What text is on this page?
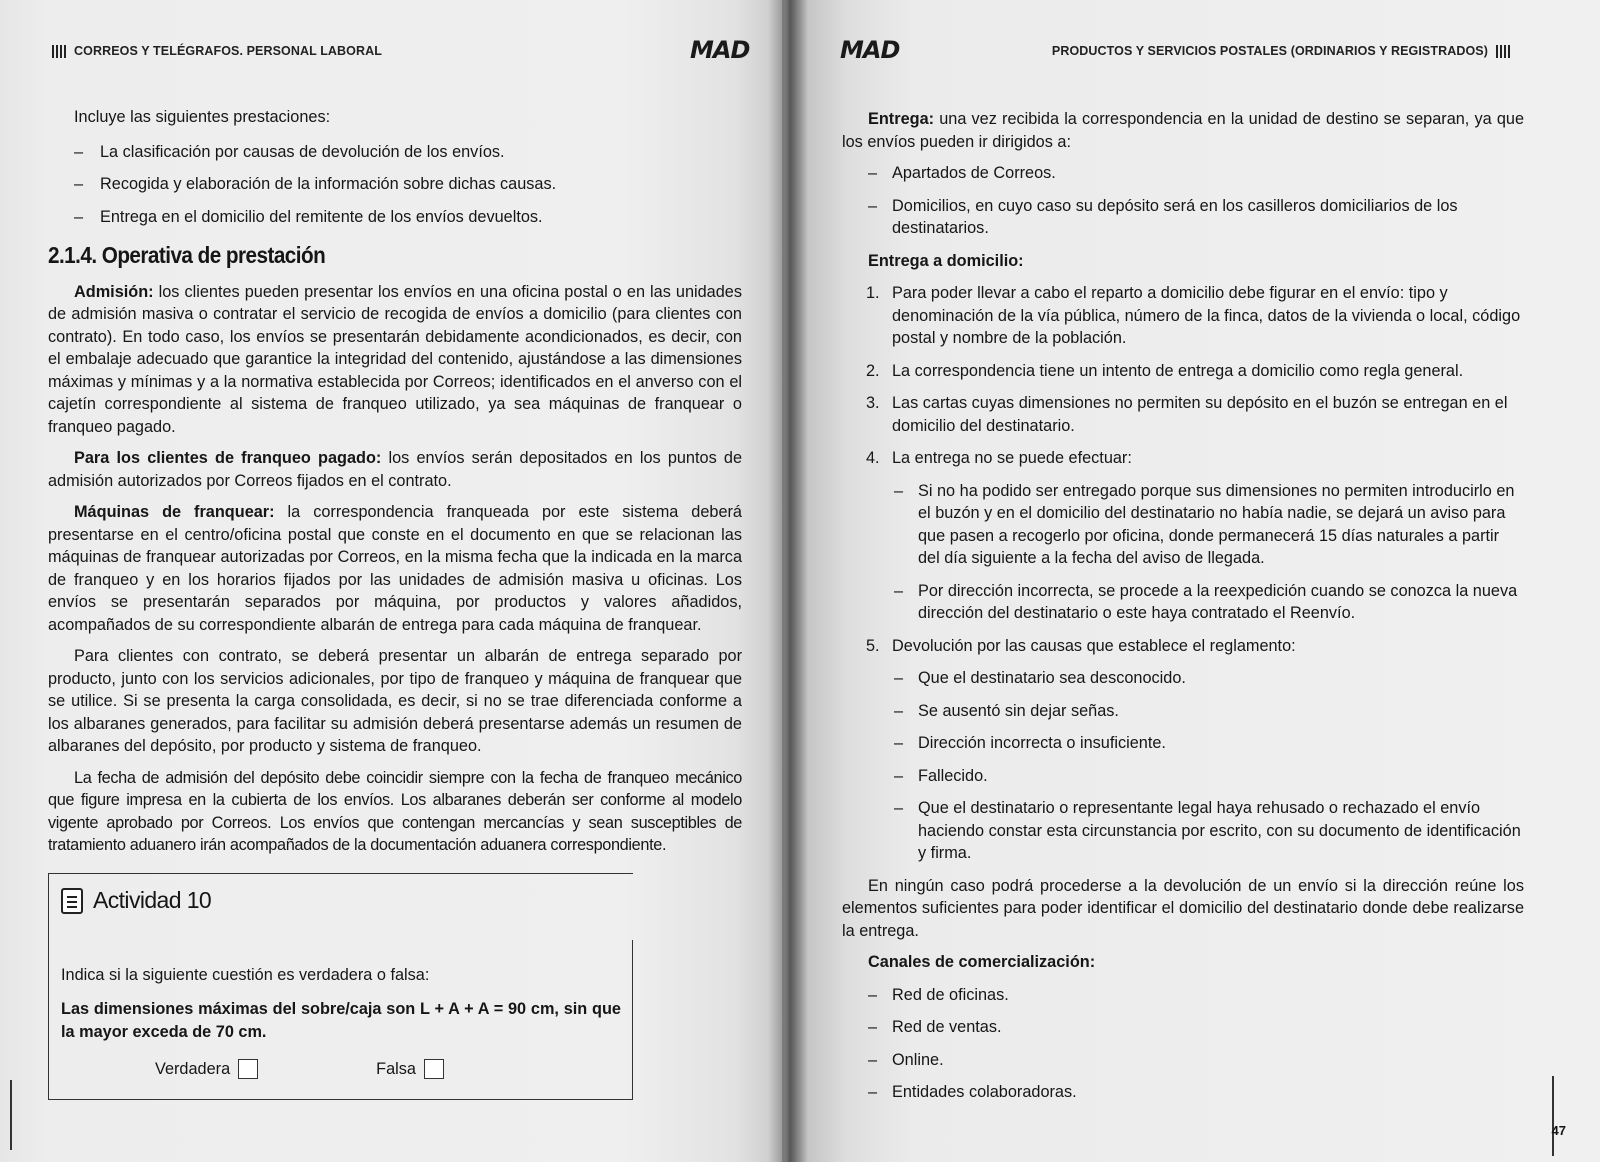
CORREOS Y TELÉGRAFOS. PERSONAL LABORAL	MAD

Incluye las siguientes prestaciones:

– La clasificación por causas de devolución de los envíos.
– Recogida y elaboración de la información sobre dichas causas.
– Entrega en el domicilio del remitente de los envíos devueltos.
2.1.4. Operativa de prestación

Admisión: los clientes pueden presentar los envíos en una oficina postal o en las unidades de admisión masiva o contratar el servicio de recogida de envíos a domicilio (para clientes con contrato). En todo caso, los envíos se presentarán debidamente acondicionados, es decir, con el embalaje adecuado que garantice la integridad del contenido, ajustándose a las dimensiones máximas y mínimas y a la normativa establecida por Correos; identificados en el anverso con el cajetín correspondiente al sistema de franqueo utilizado, ya sea máquinas de franquear o franqueo pagado.

Para los clientes de franqueo pagado: los envíos serán depositados en los puntos de admisión autorizados por Correos fijados en el contrato.

Máquinas de franquear: la correspondencia franqueada por este sistema deberá presentarse en el centro/oficina postal que conste en el documento en que se relacionan las máquinas de franquear autorizadas por Correos, en la misma fecha que la indicada en la marca de franqueo y en los horarios fijados por las unidades de admisión masiva u oficinas. Los envíos se presentarán separados por máquina, por productos y valores añadidos, acompañados de su correspondiente albarán de entrega para cada máquina de franquear.

Para clientes con contrato, se deberá presentar un albarán de entrega separado por producto, junto con los servicios adicionales, por tipo de franqueo y máquina de franquear que se utilice. Si se presenta la carga consolidada, es decir, si no se trae diferenciada conforme a los albaranes generados, para facilitar su admisión deberá presentarse además un resumen de albaranes del depósito, por producto y sistema de franqueo.

La fecha de admisión del depósito debe coincidir siempre con la fecha de franqueo mecánico que figure impresa en la cubierta de los envíos. Los albaranes deberán ser conforme al modelo vigente aprobado por Correos. Los envíos que contengan mercancías y sean susceptibles de tratamiento aduanero irán acompañados de la documentación aduanera correspondiente.

Actividad 10

Indica si la siguiente cuestión es verdadera o falsa:

Las dimensiones máximas del sobre/caja son L + A + A = 90 cm, sin que la mayor exceda de 70 cm.

Verdadera	Falsa
MAD	PRODUCTOS Y SERVICIOS POSTALES (ORDINARIOS Y REGISTRADOS)

Entrega: una vez recibida la correspondencia en la unidad de destino se separan, ya que los envíos pueden ir dirigidos a:

– Apartados de Correos.
– Domicilios, en cuyo caso su depósito será en los casilleros domiciliarios de los destinatarios.

Entrega a domicilio:

1. Para poder llevar a cabo el reparto a domicilio debe figurar en el envío: tipo y denominación de la vía pública, número de la finca, datos de la vivienda o local, código postal y nombre de la población.
2. La correspondencia tiene un intento de entrega a domicilio como regla general.
3. Las cartas cuyas dimensiones no permiten su depósito en el buzón se entregan en el domicilio del destinatario.
4. La entrega no se puede efectuar:
– Si no ha podido ser entregado porque sus dimensiones no permiten introducirlo en el buzón y en el domicilio del destinatario no había nadie, se dejará un aviso para que pasen a recogerlo por oficina, donde permanecerá 15 días naturales a partir del día siguiente a la fecha del aviso de llegada.
– Por dirección incorrecta, se procede a la reexpedición cuando se conozca la nueva dirección del destinatario o este haya contratado el Reenvío.
5. Devolución por las causas que establece el reglamento:
– Que el destinatario sea desconocido.
– Se ausentó sin dejar señas.
– Dirección incorrecta o insuficiente.
– Fallecido.
– Que el destinatario o representante legal haya rehusado o rechazado el envío haciendo constar esta circunstancia por escrito, con su documento de identificación y firma.

En ningún caso podrá procederse a la devolución de un envío si la dirección reúne los elementos suficientes para poder identificar el domicilio del destinatario donde debe realizarse la entrega.

Canales de comercialización:

– Red de oficinas.
– Red de ventas.
– Online.
– Entidades colaboradoras.
47
